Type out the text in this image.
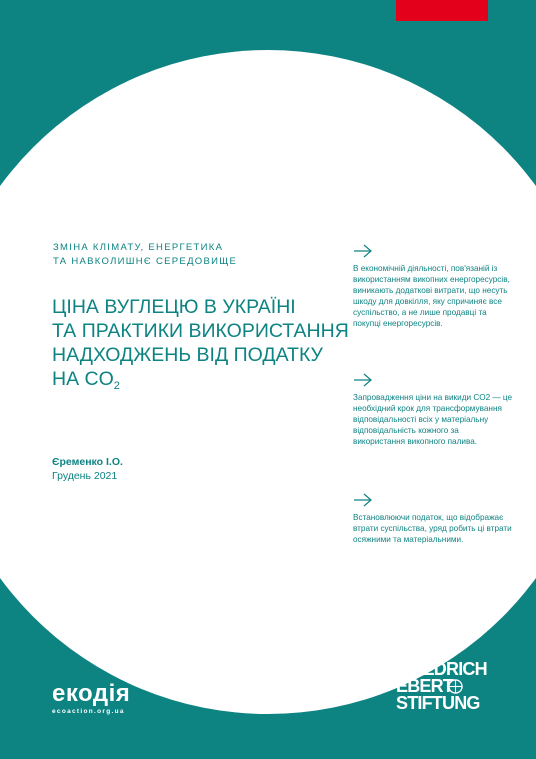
ЗМІНА КЛІМАТУ, ЕНЕРГЕТИКА
ТА НАВКОЛИШНЄ СЕРЕДОВИЩЕ
ЦІНА ВУГЛЕЦЮ В УКРАЇНІ
ТА ПРАКТИКИ ВИКОРИСТАННЯ
НАДХОДЖЕНЬ ВІД ПОДАТКУ
НА $CO_2$
Єременко І.О.
Грудень 2021
В економічній діяльності, пов'язаній із використанням викопних енергоресурсів, виникають додаткові витрати, що несуть шкоду для довкілля, яку спричиняє все суспільство, а не лише продавці та покупці енергоресурсів.
Запровадження ціни на викиди CO2 — це необхідний крок для трансформування відповідальності всіх у матеріальну відповідальність кожного за використання викопного палива.
Встановлюючи податок, що відображає втрати суспільства, уряд робить ці втрати осяжними та матеріальними.
екодія
ecoaction.org.ua
FRIEDRICH
EBERT
STIFTUNG
